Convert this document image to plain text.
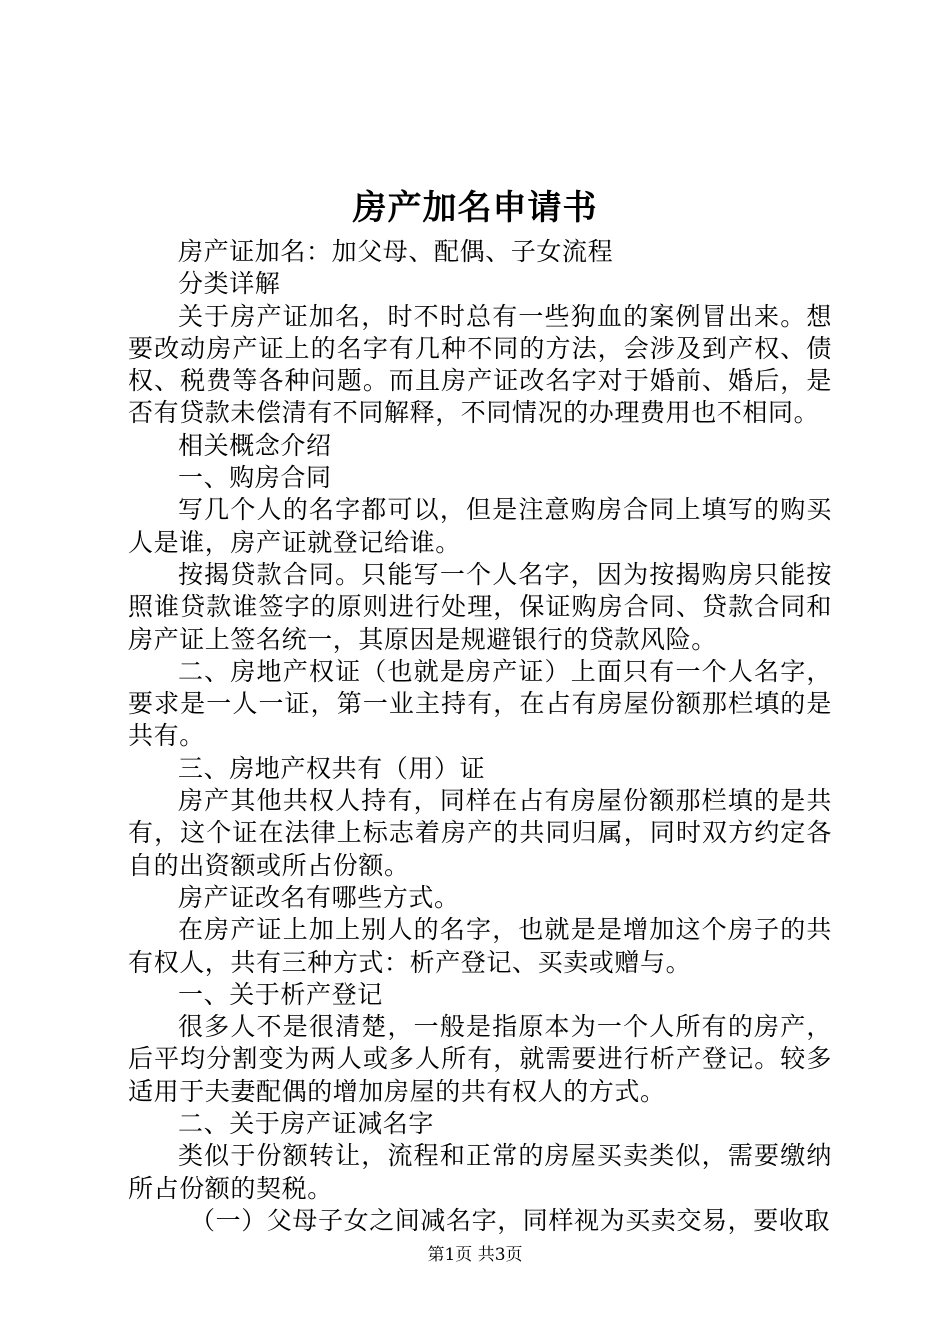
房产加名申请书

房产证加名：加父母、配偶、子女流程

分类详解

关于房产证加名，时不时总有一些狗血的案例冒出来。想要改动房产证上的名字有几种不同的方法，会涉及到产权、债权、税费等各种问题。而且房产证改名字对于婚前、婚后，是否有贷款未偿清有不同解释，不同情况的办理费用也不相同。

相关概念介绍

一、购房合同

写几个人的名字都可以，但是注意购房合同上填写的购买人是谁，房产证就登记给谁。

按揭贷款合同。只能写一个人名字，因为按揭购房只能按照谁贷款谁签字的原则进行处理，保证购房合同、贷款合同和房产证上签名统一，其原因是规避银行的贷款风险。

二、房地产权证（也就是房产证）上面只有一个人名字，要求是一人一证，第一业主持有，在占有房屋份额那栏填的是共有。

三、房地产权共有（用）证

房产其他共权人持有，同样在占有房屋份额那栏填的是共有，这个证在法律上标志着房产的共同归属，同时双方约定各自的出资额或所占份额。

房产证改名有哪些方式。

在房产证上加上别人的名字，也就是是增加这个房子的共有权人，共有三种方式：析产登记、买卖或赠与。

一、关于析产登记

很多人不是很清楚，一般是指原本为一个人所有的房产，后平均分割变为两人或多人所有，就需要进行析产登记。较多适用于夫妻配偶的增加房屋的共有权人的方式。

二、关于房产证减名字

类似于份额转让，流程和正常的房屋买卖类似，需要缴纳所占份额的契税。

（一）父母子女之间减名字，同样视为买卖交易，要收取

第1页 共3页
